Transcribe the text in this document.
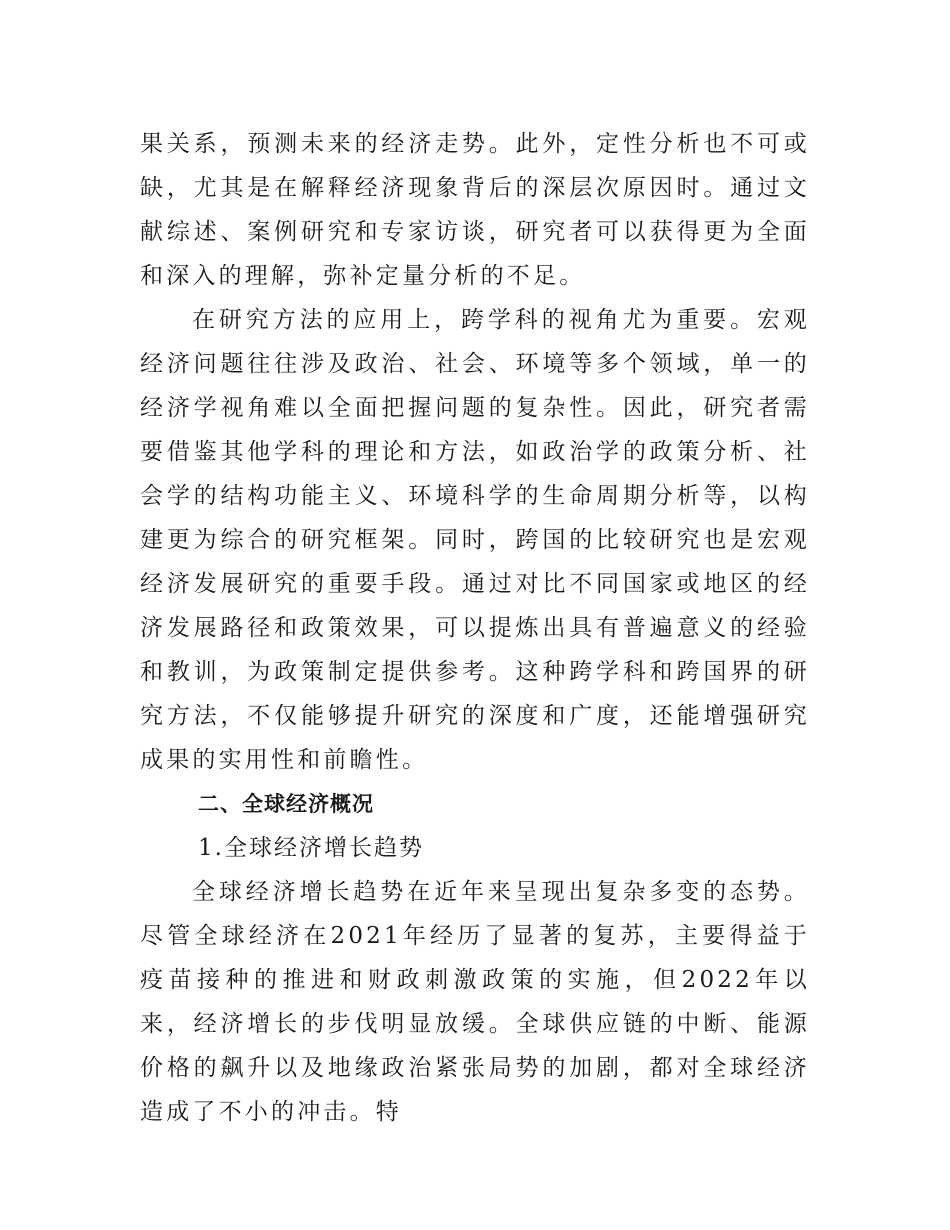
果关系，预测未来的经济走势。此外，定性分析也不可或缺，尤其是在解释经济现象背后的深层次原因时。通过文献综述、案例研究和专家访谈，研究者可以获得更为全面和深入的理解，弥补定量分析的不足。

在研究方法的应用上，跨学科的视角尤为重要。宏观经济问题往往涉及政治、社会、环境等多个领域，单一的经济学视角难以全面把握问题的复杂性。因此，研究者需要借鉴其他学科的理论和方法，如政治学的政策分析、社会学的结构功能主义、环境科学的生命周期分析等，以构建更为综合的研究框架。同时，跨国的比较研究也是宏观经济发展研究的重要手段。通过对比不同国家或地区的经济发展路径和政策效果，可以提炼出具有普遍意义的经验和教训，为政策制定提供参考。这种跨学科和跨国界的研究方法，不仅能够提升研究的深度和广度，还能增强研究成果的实用性和前瞻性。

二、全球经济概况

1.全球经济增长趋势

全球经济增长趋势在近年来呈现出复杂多变的态势。尽管全球经济在2021年经历了显著的复苏，主要得益于疫苗接种的推进和财政刺激政策的实施，但2022年以来，经济增长的步伐明显放缓。全球供应链的中断、能源价格的飙升以及地缘政治紧张局势的加剧，都对全球经济造成了不小的冲击。特
